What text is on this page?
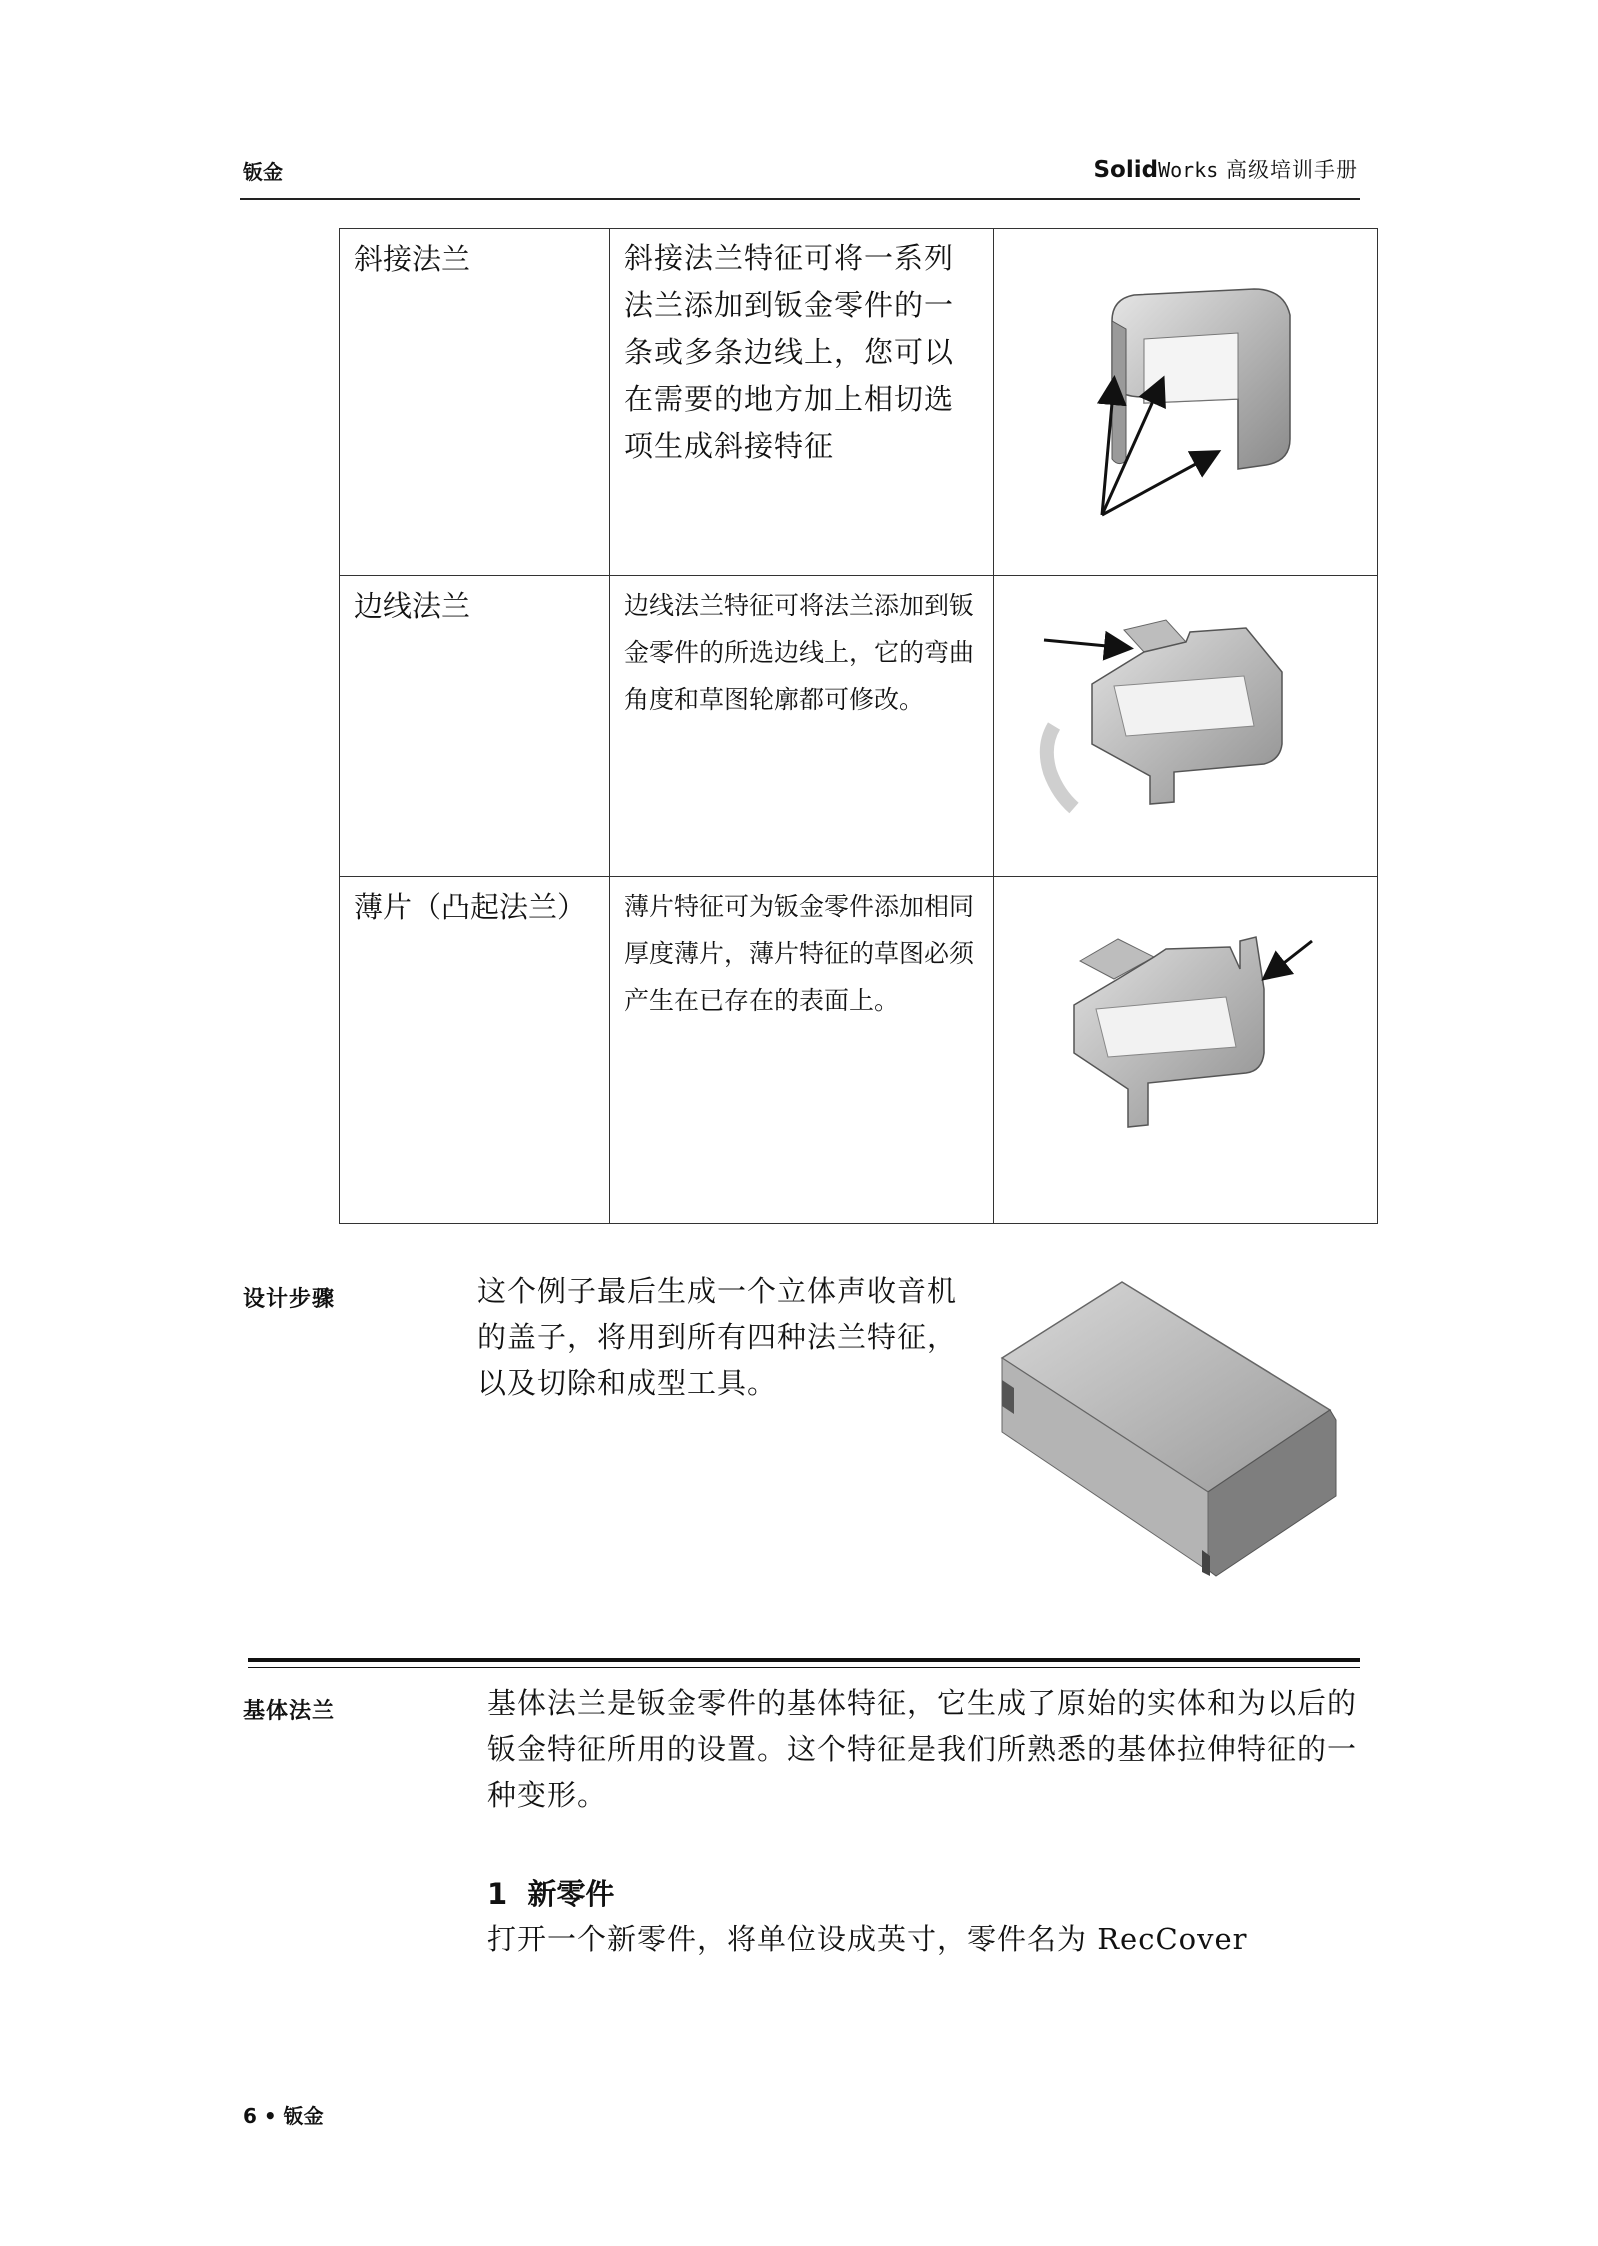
钣金	SolidWorks 高级培训手册
斜接法兰	斜接法兰特征可将一系列法兰添加到钣金零件的一条或多条边线上，您可以在需要的地方加上相切选项生成斜接特征

边线法兰	边线法兰特征可将法兰添加到钣金零件的所选边线上，它的弯曲角度和草图轮廓都可修改。

薄片（凸起法兰）	薄片特征可为钣金零件添加相同厚度薄片，薄片特征的草图必须产生在已存在的表面上。

设计步骤	这个例子最后生成一个立体声收音机的盖子，将用到所有四种法兰特征，以及切除和成型工具。
基体法兰	基体法兰是钣金零件的基体特征，它生成了原始的实体和为以后的钣金特征所用的设置。这个特征是我们所熟悉的基体拉伸特征的一种变形。
1 新零件
打开一个新零件，将单位设成英寸，零件名为 RecCover
6 • 钣金
